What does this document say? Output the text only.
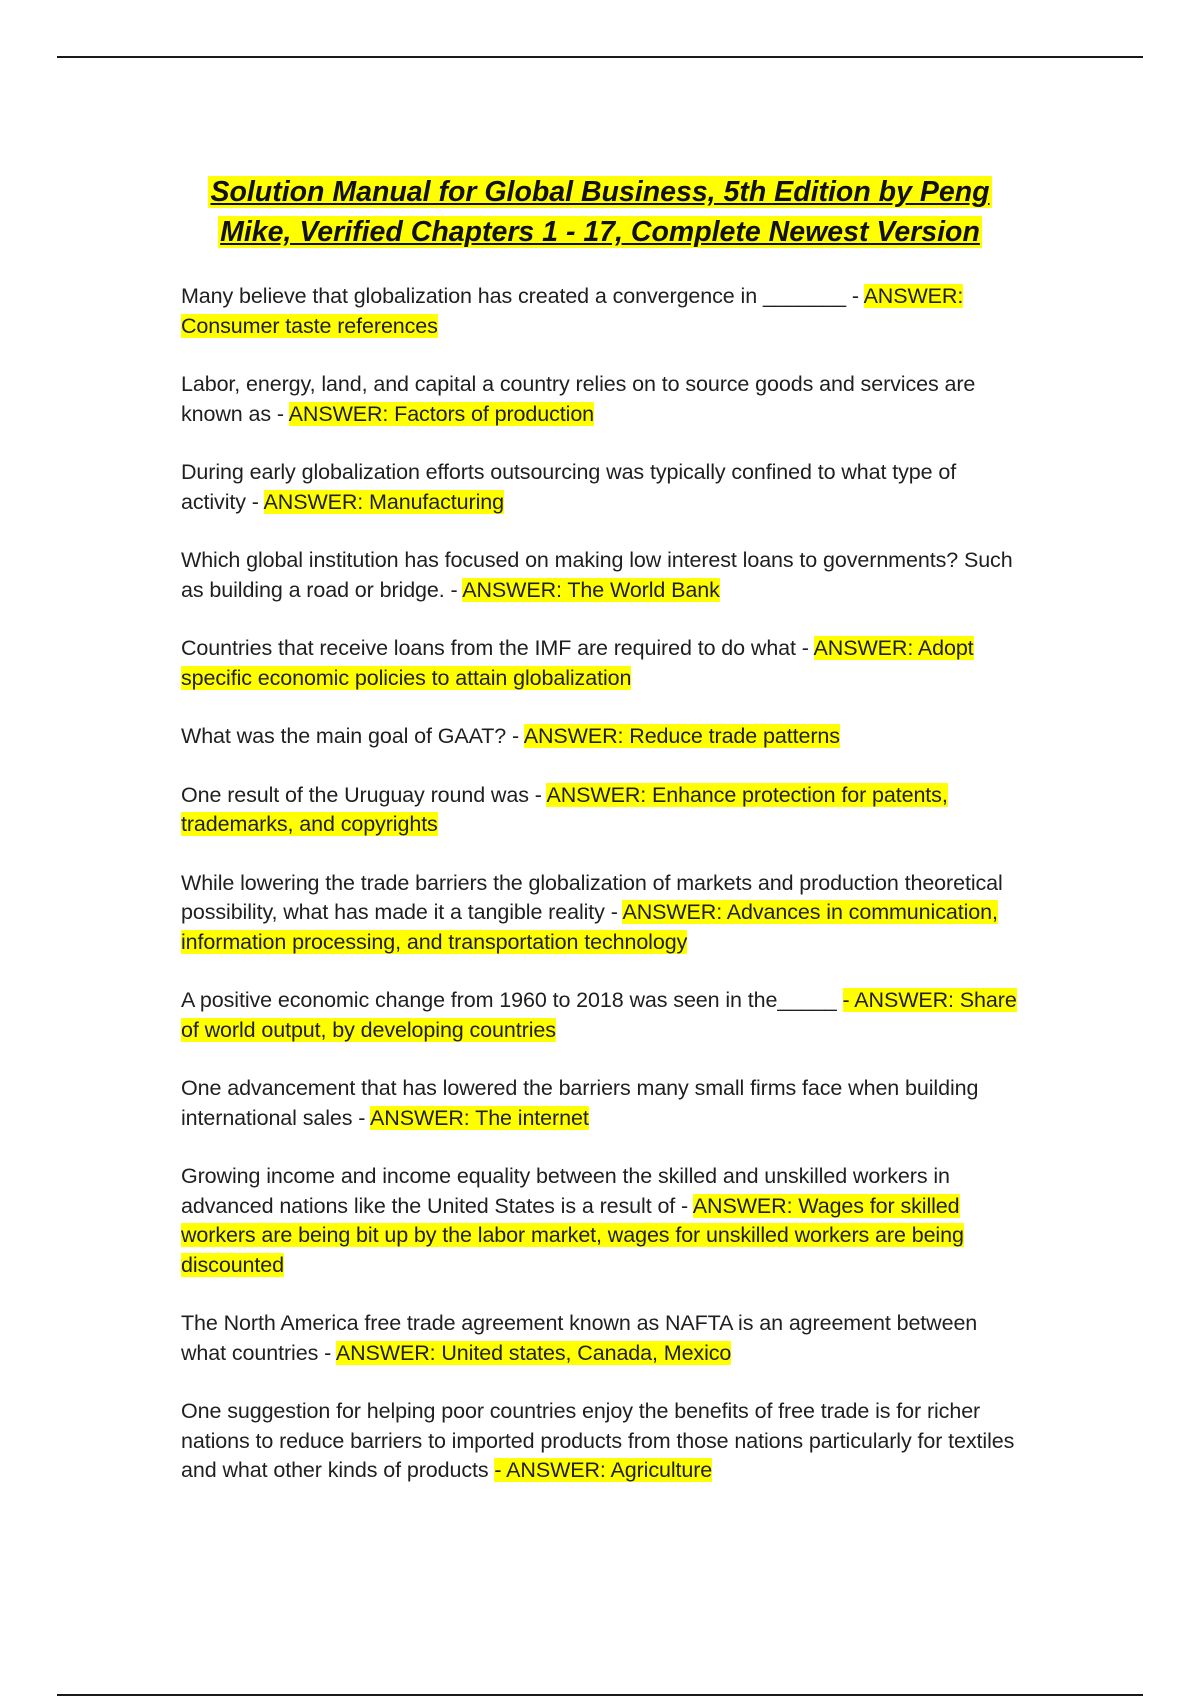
Solution Manual for Global Business, 5th Edition by Peng
Mike, Verified Chapters 1 - 17, Complete Newest Version
Many believe that globalization has created a convergence in _______ - ANSWER: Consumer taste references
Labor, energy, land, and capital a country relies on to source goods and services are known as - ANSWER: Factors of production
During early globalization efforts outsourcing was typically confined to what type of activity - ANSWER: Manufacturing
Which global institution has focused on making low interest loans to governments? Such as building a road or bridge. - ANSWER: The World Bank
Countries that receive loans from the IMF are required to do what - ANSWER: Adopt specific economic policies to attain globalization
What was the main goal of GAAT? - ANSWER: Reduce trade patterns
One result of the Uruguay round was - ANSWER: Enhance protection for patents, trademarks, and copyrights
While lowering the trade barriers the globalization of markets and production theoretical possibility, what has made it a tangible reality - ANSWER: Advances in communication, information processing, and transportation technology
A positive economic change from 1960 to 2018 was seen in the_____ - ANSWER: Share of world output, by developing countries
One advancement that has lowered the barriers many small firms face when building international sales - ANSWER: The internet
Growing income and income equality between the skilled and unskilled workers in advanced nations like the United States is a result of - ANSWER: Wages for skilled workers are being bit up by the labor market, wages for unskilled workers are being discounted
The North America free trade agreement known as NAFTA is an agreement between what countries - ANSWER: United states, Canada, Mexico
One suggestion for helping poor countries enjoy the benefits of free trade is for richer nations to reduce barriers to imported products from those nations particularly for textiles and what other kinds of products - ANSWER: Agriculture
